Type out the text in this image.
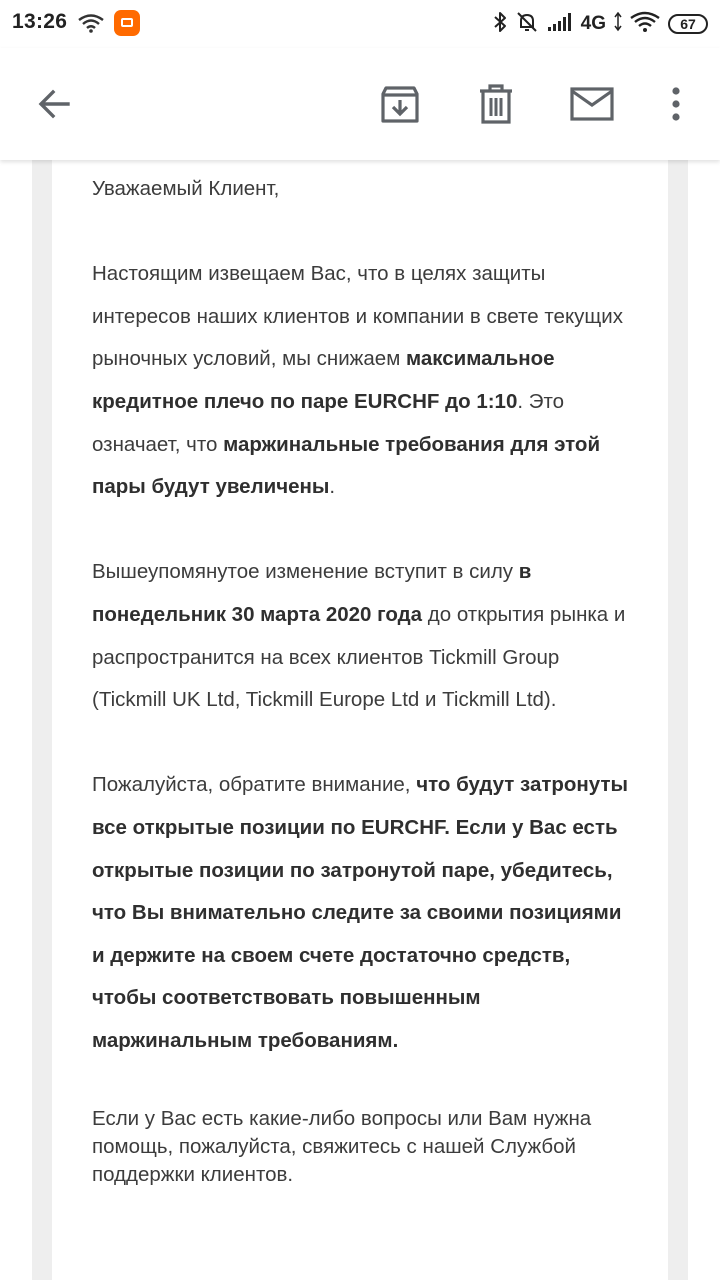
13:26	4G	67

Уважаемый Клиент,

Настоящим извещаем Вас, что в целях защиты интересов наших клиентов и компании в свете текущих рыночных условий, мы снижаем максимальное кредитное плечо по паре EURCHF до 1:10. Это означает, что маржинальные требования для этой пары будут увеличены.

Вышеупомянутое изменение вступит в силу в понедельник 30 марта 2020 года до открытия рынка и распространится на всех клиентов Tickmill Group (Tickmill UK Ltd, Tickmill Europe Ltd и Tickmill Ltd).

Пожалуйста, обратите внимание, что будут затронуты все открытые позиции по EURCHF. Если у Вас есть открытые позиции по затронутой паре, убедитесь, что Вы внимательно следите за своими позициями и держите на своем счете достаточно средств, чтобы соответствовать повышенным маржинальным требованиям.

Если у Вас есть какие-либо вопросы или Вам нужна помощь, пожалуйста, свяжитесь с нашей Службой поддержки клиентов.
